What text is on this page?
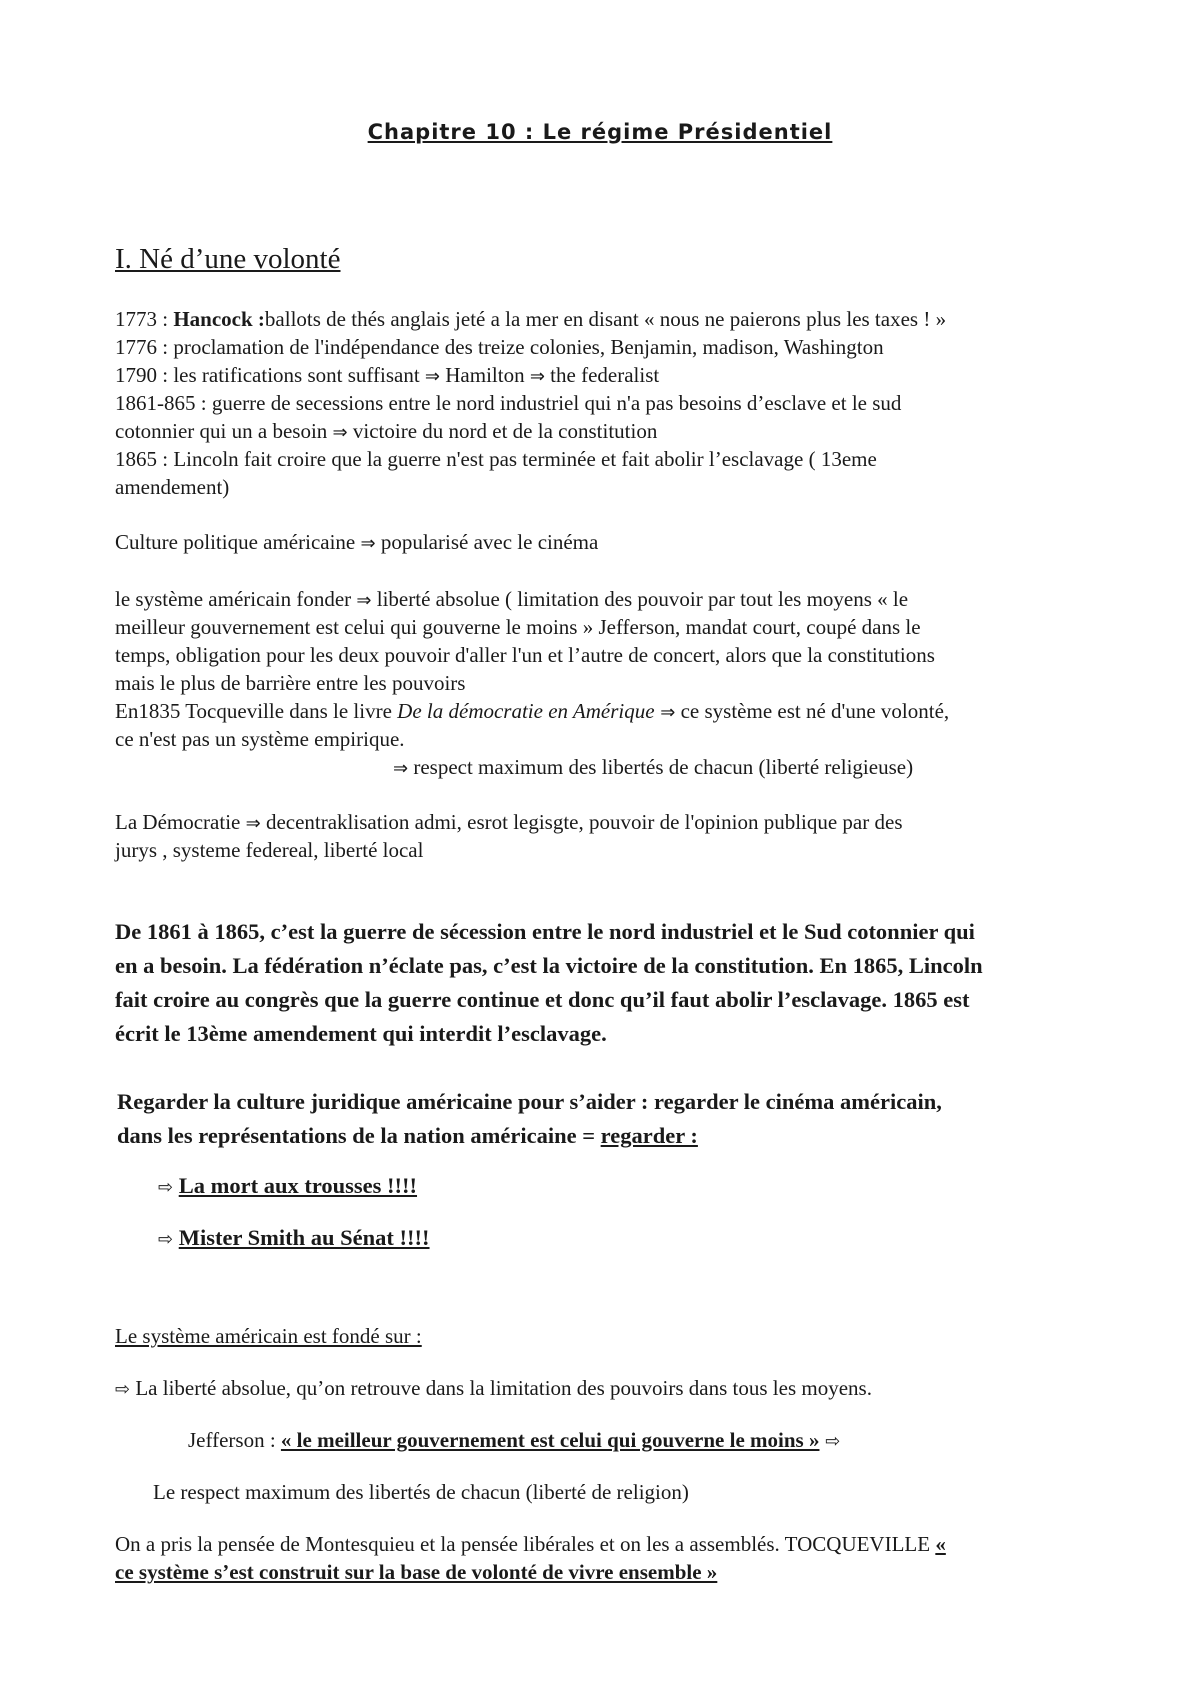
Chapitre 10 : Le régime Présidentiel
I. Né d’une volonté
1773 : Hancock :ballots de thés anglais jeté a la mer en disant « nous ne paierons plus les taxes ! »
1776 : proclamation de l'indépendance des treize colonies, Benjamin, madison, Washington
1790 : les ratifications sont suffisant ⇒ Hamilton ⇒ the federalist
1861-865 : guerre de secessions entre le nord industriel qui n'a pas besoins d’esclave et le sud
cotonnier qui un a besoin ⇒ victoire du nord et de la constitution
1865 : Lincoln fait croire que la guerre n'est pas terminée et fait abolir l’esclavage ( 13eme
amendement)
Culture politique américaine ⇒ popularisé avec le cinéma
le système américain fonder ⇒ liberté absolue ( limitation des pouvoir par tout les moyens « le
meilleur gouvernement est celui qui gouverne le moins » Jefferson, mandat court, coupé dans le
temps, obligation pour les deux pouvoir d'aller l'un et l’autre de concert, alors que la constitutions
mais le plus de barrière entre les pouvoirs
En1835 Tocqueville dans le livre De la démocratie en Amérique ⇒ ce système est né d'une volonté,
ce n'est pas un système empirique.
⇒ respect maximum des libertés de chacun (liberté religieuse)
La Démocratie ⇒ decentraklisation admi, esrot legisgte, pouvoir de l'opinion publique par des
jurys , systeme federeal, liberté local
De 1861 à 1865, c’est la guerre de sécession entre le nord industriel et le Sud cotonnier qui
en a besoin. La fédération n’éclate pas, c’est la victoire de la constitution. En 1865, Lincoln
fait croire au congrès que la guerre continue et donc qu’il faut abolir l’esclavage. 1865 est
écrit le 13ème amendement qui interdit l’esclavage.
Regarder la culture juridique américaine pour s’aider : regarder le cinéma américain,
dans les représentations de la nation américaine = regarder :
⇨ La mort aux trousses !!!!
⇨ Mister Smith au Sénat !!!!
Le système américain est fondé sur :
⇨ La liberté absolue, qu’on retrouve dans la limitation des pouvoirs dans tous les moyens.
Jefferson : « le meilleur gouvernement est celui qui gouverne le moins » ⇨
Le respect maximum des libertés de chacun (liberté de religion)
On a pris la pensée de Montesquieu et la pensée libérales et on les a assemblés. TOCQUEVILLE «
ce système s’est construit sur la base de volonté de vivre ensemble »
